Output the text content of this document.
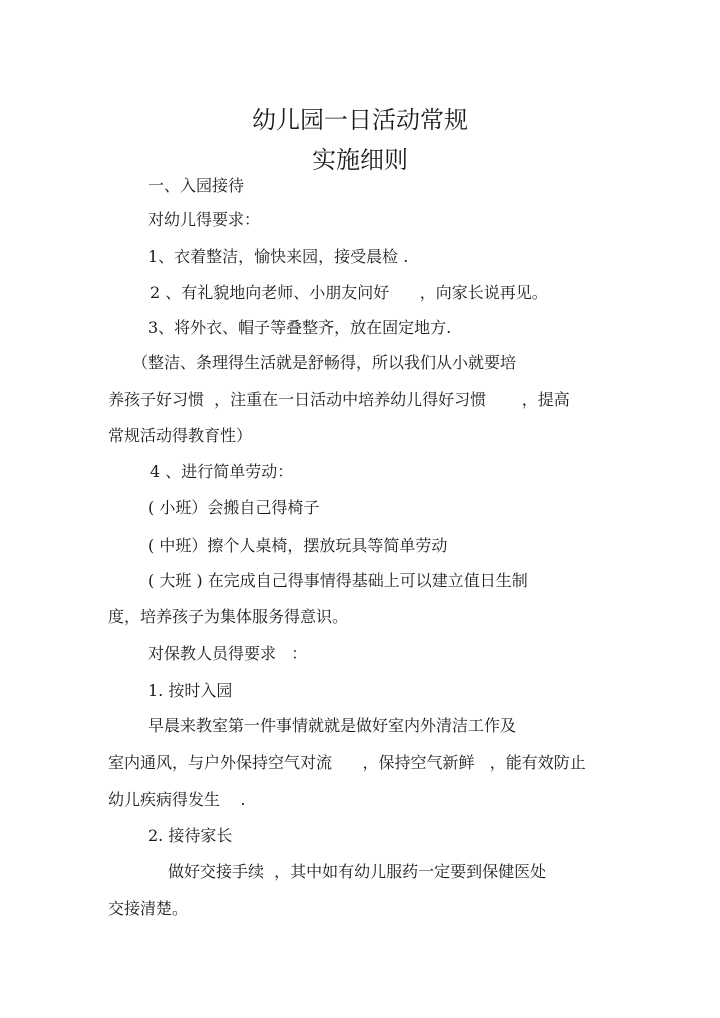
幼儿园一日活动常规
实施细则
一、入园接待
对幼儿得要求：
1、衣着整洁，愉快来园，接受晨检 .
2 、有礼貌地向老师、小朋友问好      ，向家长说再见。
3、将外衣、帽子等叠整齐，放在固定地方.
（整洁、条理得生活就是舒畅得，所以我们从小就要培
养孩子好习惯  ，注重在一日活动中培养幼儿得好习惯       ，提高
常规活动得教育性）
4 、进行简单劳动：
( 小班）会搬自己得椅子
( 中班）擦个人桌椅，摆放玩具等简单劳动
( 大班 ) 在完成自己得事情得基础上可以建立值日生制
度，培养孩子为集体服务得意识。
对保教人员得要求   ：
1. 按时入园
早晨来教室第一件事情就就是做好室内外清洁工作及
室内通风，与户外保持空气对流      ，保持空气新鲜   ，能有效防止
幼儿疾病得发生    .
2. 接待家长
做好交接手续  ，其中如有幼儿服药一定要到保健医处
交接清楚。
